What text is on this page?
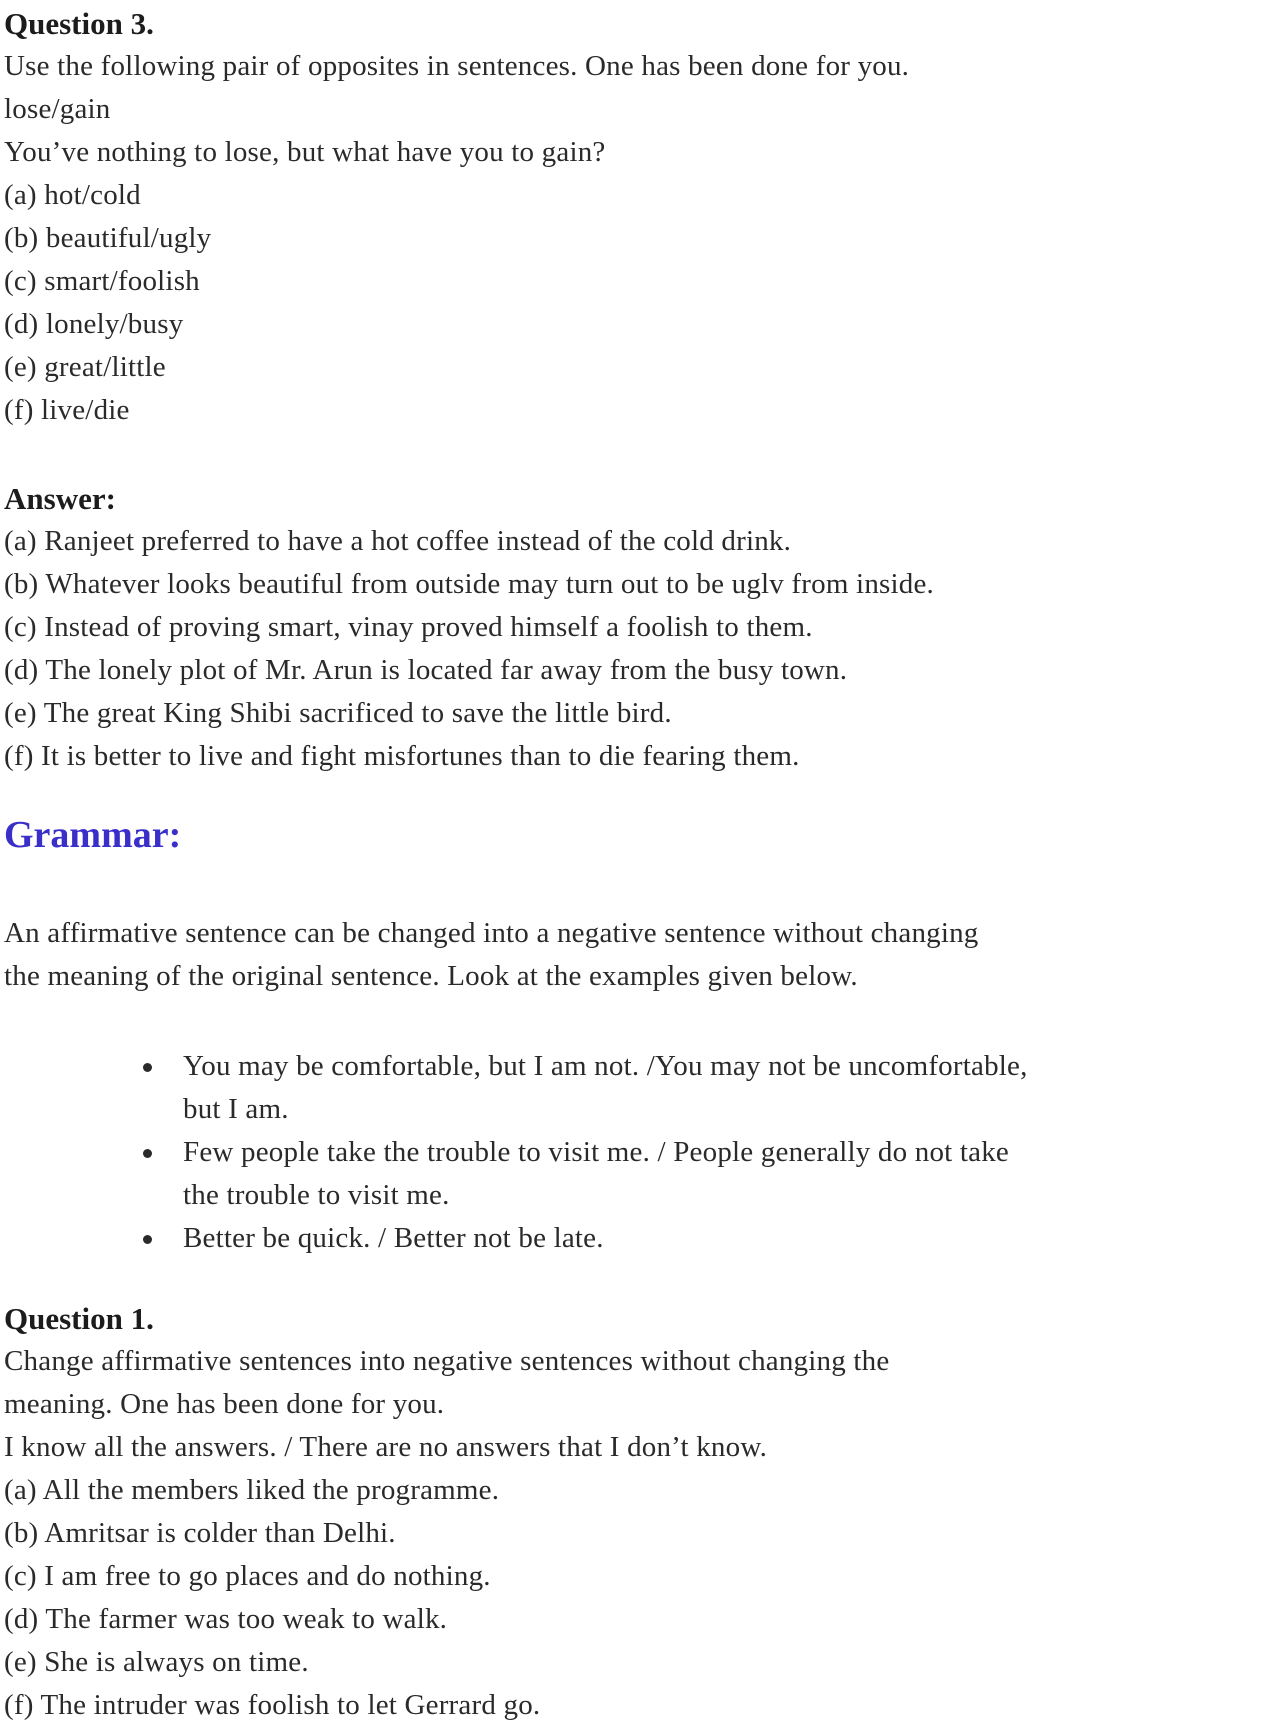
Question 3.
Use the following pair of opposites in sentences. One has been done for you.
lose/gain
You’ve nothing to lose, but what have you to gain?
(a) hot/cold
(b) beautiful/ugly
(c) smart/foolish
(d) lonely/busy
(e) great/little
(f) live/die
Answer:
(a) Ranjeet preferred to have a hot coffee instead of the cold drink.
(b) Whatever looks beautiful from outside may turn out to be uglv from inside.
(c) Instead of proving smart, vinay proved himself a foolish to them.
(d) The lonely plot of Mr. Arun is located far away from the busy town.
(e) The great King Shibi sacrificed to save the little bird.
(f) It is better to live and fight misfortunes than to die fearing them.
Grammar:
An affirmative sentence can be changed into a negative sentence without changing
the meaning of the original sentence. Look at the examples given below.
You may be comfortable, but I am not. /You may not be uncomfortable,
but I am.
Few people take the trouble to visit me. / People generally do not take
the trouble to visit me.
Better be quick. / Better not be late.
Question 1.
Change affirmative sentences into negative sentences without changing the
meaning. One has been done for you.
I know all the answers. / There are no answers that I don’t know.
(a) All the members liked the programme.
(b) Amritsar is colder than Delhi.
(c) I am free to go places and do nothing.
(d) The farmer was too weak to walk.
(e) She is always on time.
(f) The intruder was foolish to let Gerrard go.
